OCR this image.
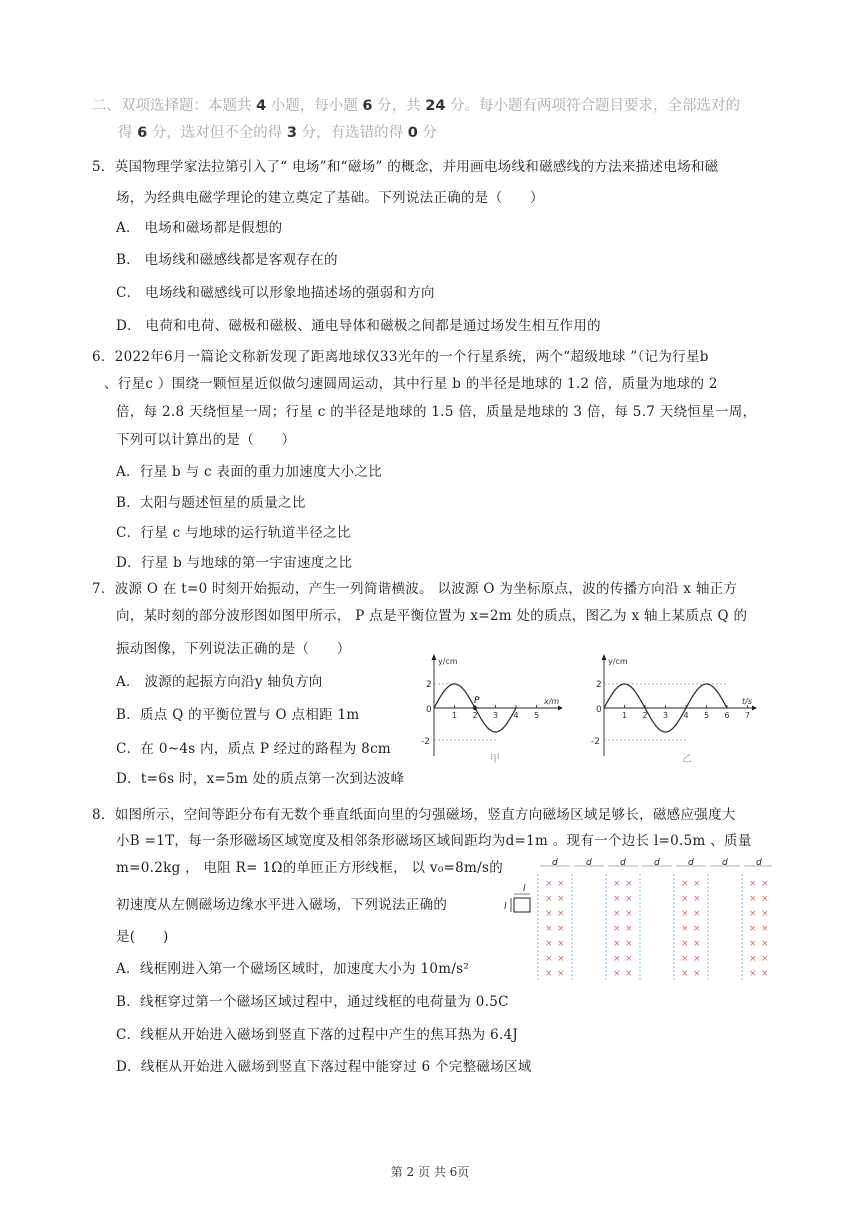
二、双项选择题：本题共 4 小题，每小题 6 分，共 24 分。每小题有两项符合题目要求，全部选对的
得 6 分，选对但不全的得 3 分，有选错的得 0 分
5．英国物理学家法拉第引入了“ 电场”和“磁场” 的概念，并用画电场线和磁感线的方法来描述电场和磁
场，为经典电磁学理论的建立奠定了基础。下列说法正确的是（　　）
A． 电场和磁场都是假想的
B． 电场线和磁感线都是客观存在的
C． 电场线和磁感线可以形象地描述场的强弱和方向
D． 电荷和电荷、磁极和磁极、通电导体和磁极之间都是通过场发生相互作用的
6．2022年6月一篇论文称新发现了距离地球仅33光年的一个行星系统，两个“超级地球 ”（记为行星b
、行星c ）围绕一颗恒星近似做匀速圆周运动，其中行星 b 的半径是地球的 1.2 倍，质量为地球的 2
倍，每 2.8 天绕恒星一周；行星 c 的半径是地球的 1.5 倍，质量是地球的 3 倍，每 5.7 天绕恒星一周，
下列可以计算出的是（　　）
A．行星 b 与 c 表面的重力加速度大小之比
B．太阳与题述恒星的质量之比
C．行星 c 与地球的运行轨道半径之比
D．行星 b 与地球的第一宇宙速度之比
7．波源 O 在 t=0 时刻开始振动，产生一列简谐横波。 以波源 O 为坐标原点，波的传播方向沿 x 轴正方
向，某时刻的部分波形图如图甲所示， P 点是平衡位置为 x=2m 处的质点，图乙为 x 轴上某质点 Q 的
振动图像，下列说法正确的是（　　）
A． 波源的起振方向沿y 轴负方向
B．质点 Q 的平衡位置与 O 点相距 1m
C．在 0~4s 内，质点 P 经过的路程为 8cm
D．t=6s 时，x=5m 处的质点第一次到达波峰
P
y/cm
x/m
2
0
-2
1 2 3 4 5
甲
y/cm
t/s
2
0
-2
1 2 3 4 5 6 7
乙
8．如图所示，空间等距分布有无数个垂直纸面向里的匀强磁场，竖直方向磁场区域足够长，磁感应强度大
小B =1T，每一条形磁场区域宽度及相邻条形磁场区域间距均为d=1m 。现有一个边长 l=0.5m 、质量
m=0.2kg ， 电阻 R= 1Ω的单匝正方形线框， 以 v₀=8m/s的
初速度从左侧磁场边缘水平进入磁场，下列说法正确的
是(　　)
A．线框刚进入第一个磁场区域时，加速度大小为 10m/s²
B．线框穿过第一个磁场区域过程中，通过线框的电荷量为 0.5C
C．线框从开始进入磁场到竖直下落的过程中产生的焦耳热为 6.4J
D．线框从开始进入磁场到竖直下落过程中能穿过 6 个完整磁场区域
d
× ×
× ×
× ×
× ×
× ×
× ×
× ×
d	d
× ×
× ×
× ×
× ×
× ×
× ×
× ×
d	d
× ×
× ×
× ×
× ×
× ×
× ×
× ×
d	d
× ×
× ×
× ×
× ×
× ×
× ×
× ×
l
l
第 2 页 共 6页
